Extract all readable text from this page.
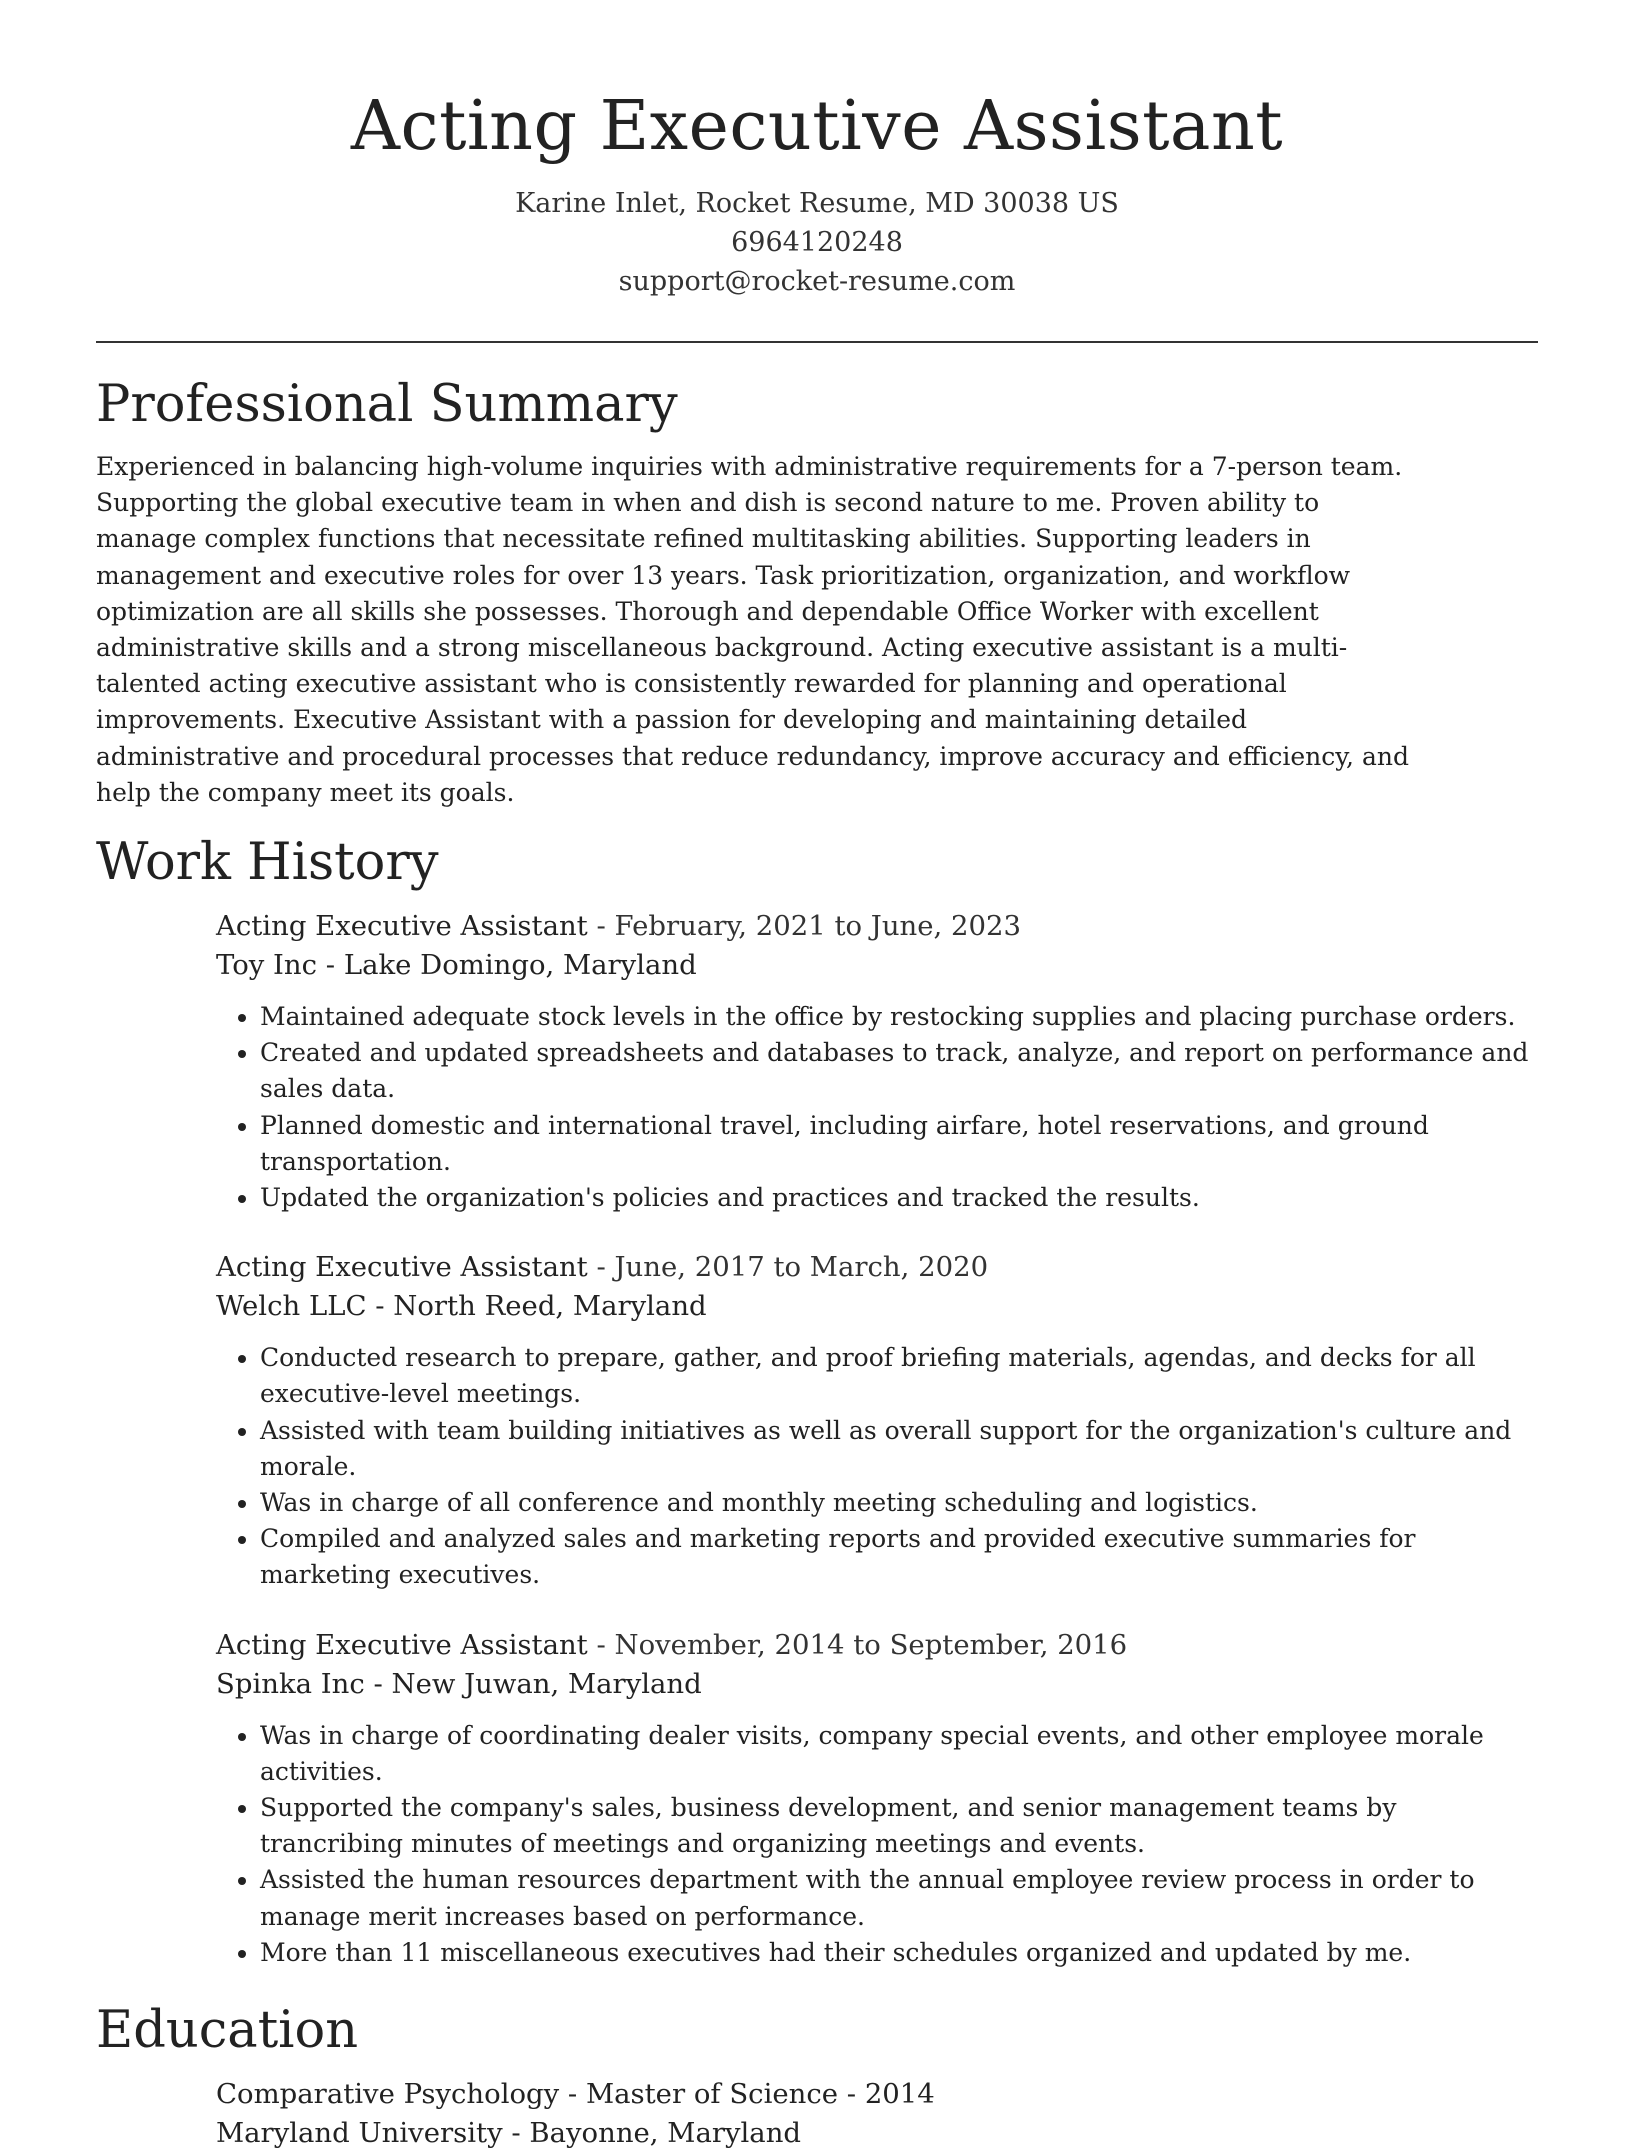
Acting Executive Assistant
Karine Inlet, Rocket Resume, MD 30038 US
6964120248
support@rocket-resume.com
Professional Summary

Experienced in balancing high-volume inquiries with administrative requirements for a 7-person team. Supporting the global executive team in when and dish is second nature to me. Proven ability to manage complex functions that necessitate refined multitasking abilities. Supporting leaders in management and executive roles for over 13 years. Task prioritization, organization, and workflow optimization are all skills she possesses. Thorough and dependable Office Worker with excellent administrative skills and a strong miscellaneous background. Acting executive assistant is a multi-talented acting executive assistant who is consistently rewarded for planning and operational improvements. Executive Assistant with a passion for developing and maintaining detailed administrative and procedural processes that reduce redundancy, improve accuracy and efficiency, and help the company meet its goals.

Work History
Acting Executive Assistant - February, 2021 to June, 2023
Toy Inc - Lake Domingo, Maryland
• Maintained adequate stock levels in the office by restocking supplies and placing purchase orders.
• Created and updated spreadsheets and databases to track, analyze, and report on performance and sales data.
• Planned domestic and international travel, including airfare, hotel reservations, and ground transportation.
• Updated the organization's policies and practices and tracked the results.
Acting Executive Assistant - June, 2017 to March, 2020
Welch LLC - North Reed, Maryland
• Conducted research to prepare, gather, and proof briefing materials, agendas, and decks for all executive-level meetings.
• Assisted with team building initiatives as well as overall support for the organization's culture and morale.
• Was in charge of all conference and monthly meeting scheduling and logistics.
• Compiled and analyzed sales and marketing reports and provided executive summaries for marketing executives.
Acting Executive Assistant - November, 2014 to September, 2016
Spinka Inc - New Juwan, Maryland
• Was in charge of coordinating dealer visits, company special events, and other employee morale activities.
• Supported the company's sales, business development, and senior management teams by trancribing minutes of meetings and organizing meetings and events.
• Assisted the human resources department with the annual employee review process in order to manage merit increases based on performance.
• More than 11 miscellaneous executives had their schedules organized and updated by me.
Education
Comparative Psychology - Master of Science - 2014
Maryland University - Bayonne, Maryland
